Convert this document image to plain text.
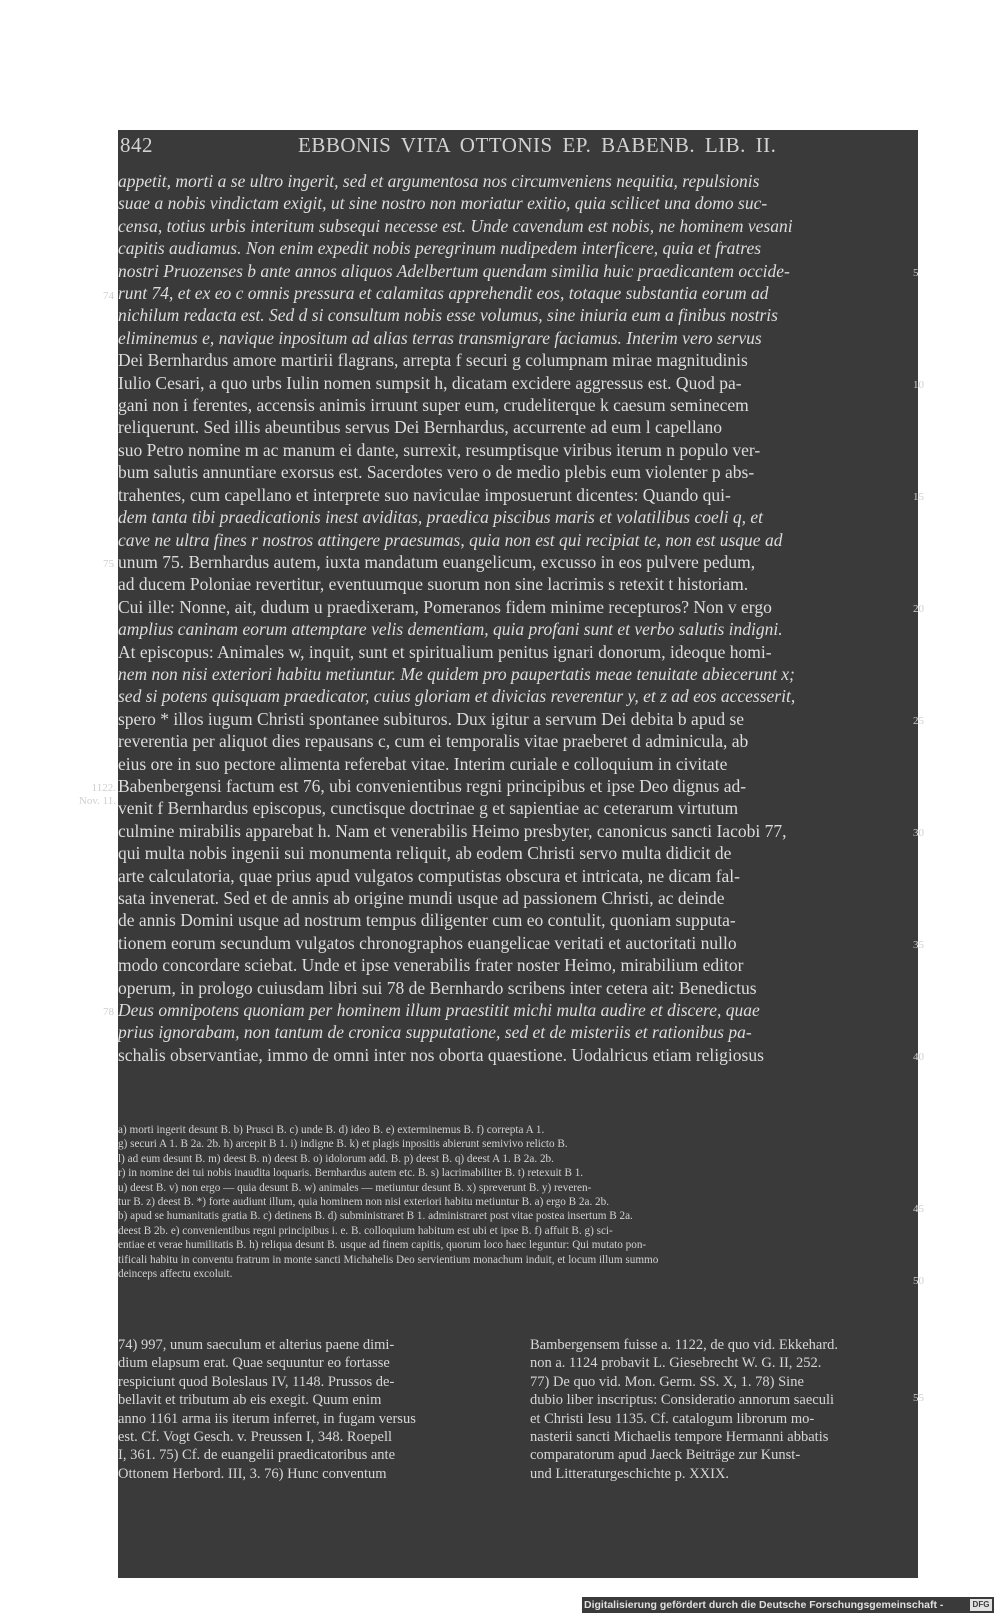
842	EBBONIS VITA OTTONIS EP. BABENB. LIB. II.

appetit, morti a se ultro ingerit, sed et argumentosa nos circumveniens nequitia, repulsionis

suae a nobis vindictam exigit, ut sine nostro non moriatur exitio, quia scilicet una domo suc-

censa, totius urbis interitum subsequi necesse est. Unde cavendum est nobis, ne hominem vesani

capitis audiamus. Non enim expedit nobis peregrinum nudipedem interficere, quia et fratres

nostri Pruozenses b ante annos aliquos Adelbertum quendam similia huic praedicantem occide-

runt 74, et ex eo c omnis pressura et calamitas apprehendit eos, totaque substantia eorum ad

nichilum redacta est. Sed d si consultum nobis esse volumus, sine iniuria eum a finibus nostris

eliminemus e, navique inpositum ad alias terras transmigrare faciamus. Interim vero servus

Dei Bernhardus amore martirii flagrans, arrepta f securi g columpnam mirae magnitudinis

Iulio Cesari, a quo urbs Iulin nomen sumpsit h, dicatam excidere aggressus est. Quod pa-

gani non i ferentes, accensis animis irruunt super eum, crudeliterque k caesum seminecem

reliquerunt. Sed illis abeuntibus servus Dei Bernhardus, accurrente ad eum l capellano

suo Petro nomine m ac manum ei dante, surrexit, resumptisque viribus iterum n populo ver-

bum salutis annuntiare exorsus est. Sacerdotes vero o de medio plebis eum violenter p abs-

trahentes, cum capellano et interprete suo naviculae imposuerunt dicentes: Quando qui-

dem tanta tibi praedicationis inest aviditas, praedica piscibus maris et volatilibus coeli q, et

cave ne ultra fines r nostros attingere praesumas, quia non est qui recipiat te, non est usque ad

unum 75. Bernhardus autem, iuxta mandatum euangelicum, excusso in eos pulvere pedum,

ad ducem Poloniae revertitur, eventuumque suorum non sine lacrimis s retexit t historiam.

Cui ille: Nonne, ait, dudum u praedixeram, Pomeranos fidem minime recepturos? Non v ergo

amplius caninam eorum attemptare velis dementiam, quia profani sunt et verbo salutis indigni.

At episcopus: Animales w, inquit, sunt et spiritualium penitus ignari donorum, ideoque homi-

nem non nisi exteriori habitu metiuntur. Me quidem pro paupertatis meae tenuitate abiecerunt x;

sed si potens quisquam praedicator, cuius gloriam et divicias reverentur y, et z ad eos accesserit,

spero * illos iugum Christi spontanee subituros. Dux igitur a servum Dei debita b apud se

reverentia per aliquot dies repausans c, cum ei temporalis vitae praeberet d adminicula, ab

eius ore in suo pectore alimenta referebat vitae. Interim curiale e colloquium in civitate

Babenbergensi factum est 76, ubi convenientibus regni principibus et ipse Deo dignus ad-

venit f Bernhardus episcopus, cunctisque doctrinae g et sapientiae ac ceterarum virtutum

culmine mirabilis apparebat h. Nam et venerabilis Heimo presbyter, canonicus sancti Iacobi 77,

qui multa nobis ingenii sui monumenta reliquit, ab eodem Christi servo multa didicit de

arte calculatoria, quae prius apud vulgatos computistas obscura et intricata, ne dicam fal-

sata invenerat. Sed et de annis ab origine mundi usque ad passionem Christi, ac deinde

de annis Domini usque ad nostrum tempus diligenter cum eo contulit, quoniam supputa-

tionem eorum secundum vulgatos chronographos euangelicae veritati et auctoritati nullo

modo concordare sciebat. Unde et ipse venerabilis frater noster Heimo, mirabilium editor

operum, in prologo cuiusdam libri sui 78 de Bernhardo scribens inter cetera ait: Benedictus

Deus omnipotens quoniam per hominem illum praestitit michi multa audire et discere, quae

prius ignorabam, non tantum de cronica supputatione, sed et de misteriis et rationibus pa-

schalis observantiae, immo de omni inter nos oborta quaestione. Uodalricus etiam religiosus

5
10
15
20
25
30
35
40
45
50
55
74
75
78
1122.
Nov. 11.

a) morti ingerit desunt B. b) Prusci B. c) unde B. d) ideo B. e) exterminemus B. f) correpta A 1.

g) securi A 1. B 2a. 2b. h) arcepit B 1. i) indigne B. k) et plagis inpositis abierunt semivivo relicto B.

l) ad eum desunt B. m) deest B. n) deest B. o) idolorum add. B. p) deest B. q) deest A 1. B 2a. 2b.

r) in nomine dei tui nobis inaudita loquaris. Bernhardus autem etc. B. s) lacrimabiliter B. t) retexuit B 1.

u) deest B. v) non ergo — quia desunt B. w) animales — metiuntur desunt B. x) spreverunt B. y) reveren-

tur B. z) deest B. *) forte audiunt illum, quia hominem non nisi exteriori habitu metiuntur B. a) ergo B 2a. 2b.

b) apud se humanitatis gratia B. c) detinens B. d) subministraret B 1. administraret post vitae postea insertum B 2a.

deest B 2b. e) convenientibus regni principibus i. e. B. colloquium habitum est ubi et ipse B. f) affuit B. g) sci-

entiae et verae humilitatis B. h) reliqua desunt B. usque ad finem capitis, quorum loco haec leguntur: Qui mutato pon-

tificali habitu in conventu fratrum in monte sancti Michahelis Deo servientium monachum induit, et locum illum summo

deinceps affectu excoluit.

74) 997, unum saeculum et alterius paene dimi-

dium elapsum erat. Quae sequuntur eo fortasse

respiciunt quod Boleslaus IV, 1148. Prussos de-

bellavit et tributum ab eis exegit. Quum enim

anno 1161 arma iis iterum inferret, in fugam versus

est. Cf. Vogt Gesch. v. Preussen I, 348. Roepell

I, 361. 75) Cf. de euangelii praedicatoribus ante

Ottonem Herbord. III, 3. 76) Hunc conventum

Bambergensem fuisse a. 1122, de quo vid. Ekkehard.

non a. 1124 probavit L. Giesebrecht W. G. II, 252.

77) De quo vid. Mon. Germ. SS. X, 1. 78) Sine

dubio liber inscriptus: Consideratio annorum saeculi

et Christi Iesu 1135. Cf. catalogum librorum mo-

nasterii sancti Michaelis tempore Hermanni abbatis

comparatorum apud Jaeck Beiträge zur Kunst-

und Litteraturgeschichte p. XXIX.

Digitalisierung gefördert durch die Deutsche Forschungsgemeinschaft -	DFG
